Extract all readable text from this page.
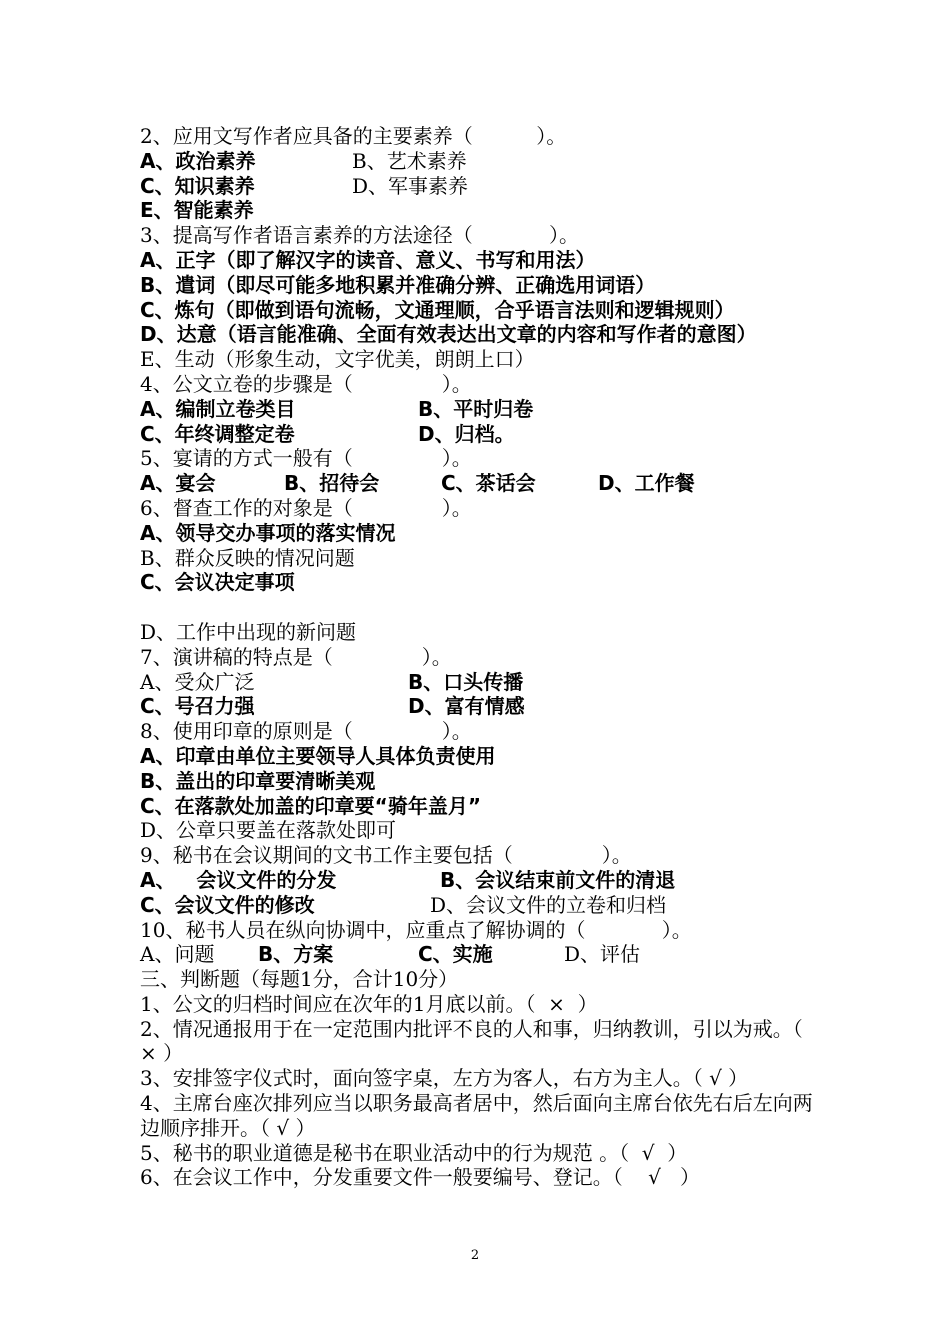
2、应用文写作者应具备的主要素养（          ）。
A、政治素养	B、艺术素养
C、知识素养	D、军事素养
E、智能素养
3、提高写作者语言素养的方法途径（            ）。
A、正字（即了解汉字的读音、意义、书写和用法）
B、遣词（即尽可能多地积累并准确分辨、正确选用词语）
C、炼句（即做到语句流畅，文通理顺，合乎语言法则和逻辑规则）
D、达意（语言能准确、全面有效表达出文章的内容和写作者的意图）
E、生动（形象生动，文字优美，朗朗上口）
4、公文立卷的步骤是（              ）。
A、编制立卷类目	B、平时归卷
C、年终调整定卷	D、归档。
5、宴请的方式一般有（              ）。
A、宴会	B、招待会	C、茶话会	D、工作餐
6、督查工作的对象是（              ）。
A、领导交办事项的落实情况
B、群众反映的情况问题
C、会议决定事项
D、工作中出现的新问题
7、演讲稿的特点是（              ）。
A、受众广泛	B、口头传播
C、号召力强	D、富有情感
8、使用印章的原则是（              ）。
A、印章由单位主要领导人具体负责使用
B、盖出的印章要清晰美观
C、在落款处加盖的印章要“骑年盖月”
D、公章只要盖在落款处即可
9、秘书在会议期间的文书工作主要包括（              ）。
A、   会议文件的分发	B、会议结束前文件的清退
C、会议文件的修改	D、会议文件的立卷和归档
10、秘书人员在纵向协调中，应重点了解协调的（            ）。
A、问题	B、方案	C、实施	D、评估
三、判断题（每题1分，合计10分）
1、公文的归档时间应在次年的1月底以前。（  ×  ）
2、情况通报用于在一定范围内批评不良的人和事，归纳教训，引以为戒。（ × ）
3、安排签字仪式时，面向签字桌，左方为客人，右方为主人。（ √ ）
4、主席台座次排列应当以职务最高者居中，然后面向主席台依先右后左向两边顺序排开。（ √ ）
5、秘书的职业道德是秘书在职业活动中的行为规范 。（  √  ）
6、在会议工作中，分发重要文件一般要编号、登记。（    √   ）
2
